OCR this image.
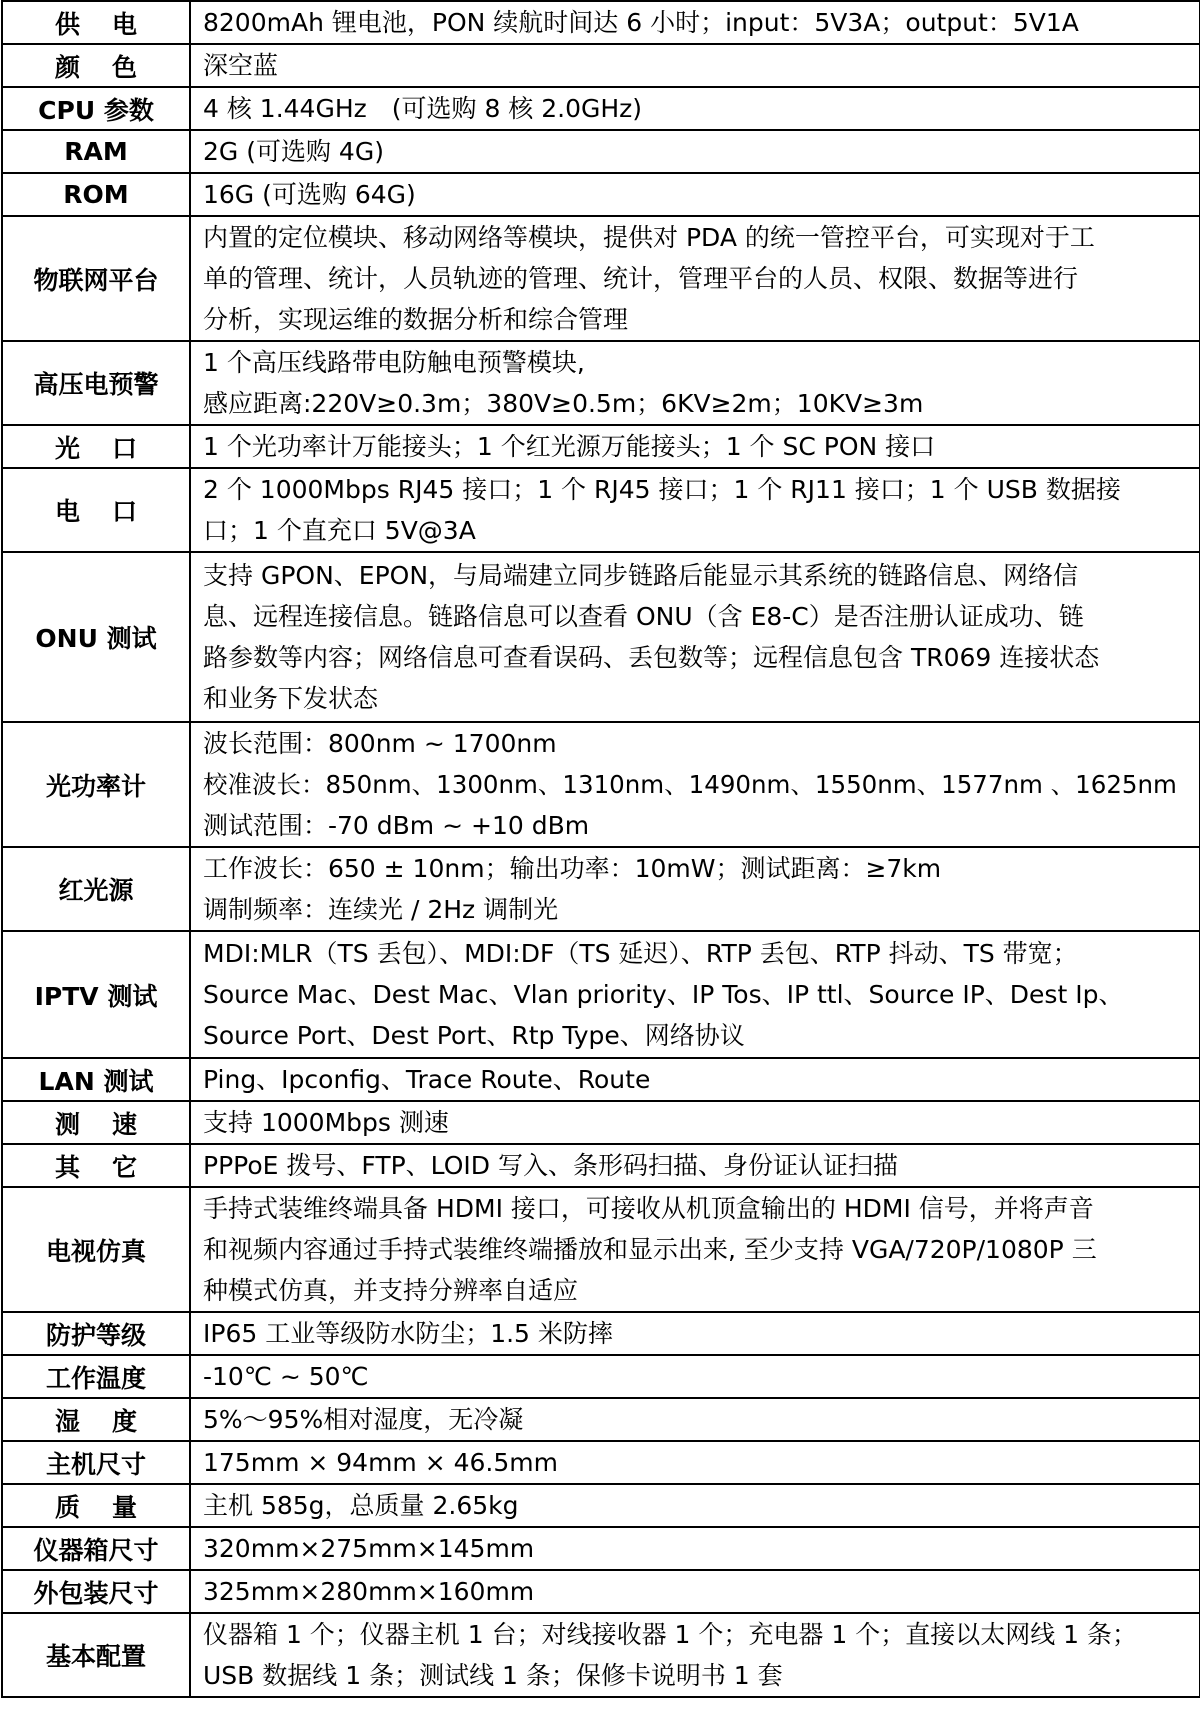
供电	8200mAh 锂电池，PON 续航时间达 6 小时；input：5V3A；output：5V1A

颜色	深空蓝

CPU 参数	4 核 1.44GHz　(可选购 8 核 2.0GHz)

RAM	2G (可选购 4G)

ROM	16G (可选购 64G)

物联网平台	内置的定位模块、移动网络等模块，提供对 PDA 的统一管控平台，可实现对于工
单的管理、统计，人员轨迹的管理、统计，管理平台的人员、权限、数据等进行
分析，实现运维的数据分析和综合管理

高压电预警	1 个高压线路带电防触电预警模块,
感应距离:220V≥0.3m；380V≥0.5m；6KV≥2m；10KV≥3m

光口	1 个光功率计万能接头；1 个红光源万能接头；1 个 SC PON 接口

电口	2 个 1000Mbps RJ45 接口；1 个 RJ45 接口；1 个 RJ11 接口；1 个 USB 数据接
口；1 个直充口 5V@3A

ONU 测试	支持 GPON、EPON，与局端建立同步链路后能显示其系统的链路信息、网络信
息、远程连接信息。链路信息可以查看 ONU（含 E8-C）是否注册认证成功、链
路参数等内容；网络信息可查看误码、丢包数等；远程信息包含 TR069 连接状态
和业务下发状态

光功率计	波长范围：800nm ~ 1700nm
校准波长：850nm、1300nm、1310nm、1490nm、1550nm、1577nm 、1625nm
测试范围：-70 dBm ~ +10 dBm

红光源	工作波长：650 ± 10nm；输出功率：10mW；测试距离：≥7km
调制频率：连续光 / 2Hz 调制光

IPTV 测试	MDI:MLR（TS 丢包）、MDI:DF（TS 延迟）、RTP 丢包、RTP 抖动、TS 带宽；
Source Mac、Dest Mac、Vlan priority、IP Tos、IP ttl、Source IP、Dest Ip、
Source Port、Dest Port、Rtp Type、网络协议

LAN 测试	Ping、Ipconfig、Trace Route、Route

测速	支持 1000Mbps 测速

其它	PPPoE 拨号、FTP、LOID 写入、条形码扫描、身份证认证扫描

电视仿真	手持式装维终端具备 HDMI 接口，可接收从机顶盒输出的 HDMI 信号，并将声音
和视频内容通过手持式装维终端播放和显示出来, 至少支持 VGA/720P/1080P 三
种模式仿真，并支持分辨率自适应

防护等级	IP65 工业等级防水防尘；1.5 米防摔

工作温度	-10℃ ~ 50℃

湿度	5%～95%相对湿度，无冷凝

主机尺寸	175mm × 94mm × 46.5mm

质量	主机 585g，总质量 2.65kg

仪器箱尺寸	320mm×275mm×145mm

外包装尺寸	325mm×280mm×160mm

基本配置	仪器箱 1 个；仪器主机 1 台；对线接收器 1 个；充电器 1 个；直接以太网线 1 条；
USB 数据线 1 条；测试线 1 条；保修卡说明书 1 套
